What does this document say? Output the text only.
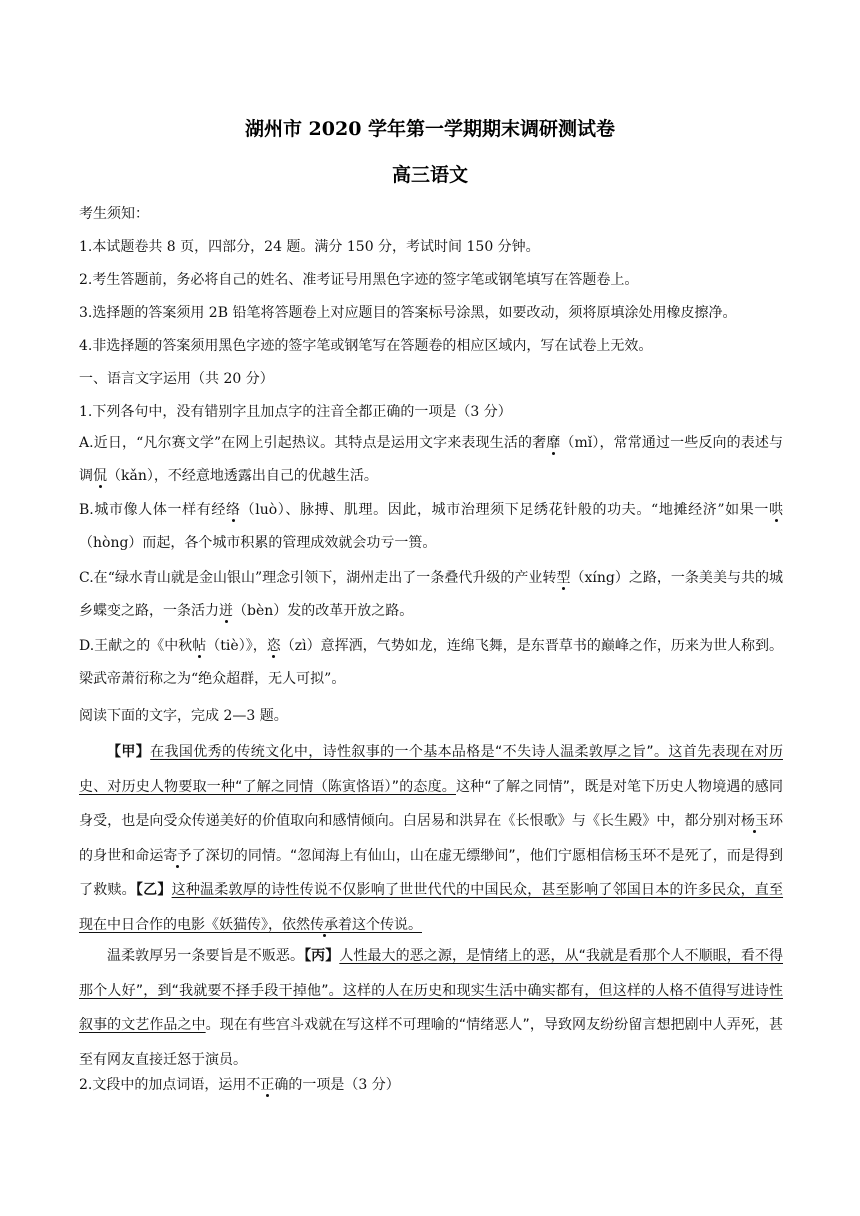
湖州市 2020 学年第一学期期末调研测试卷
高三语文
考生须知：
1.本试题卷共 8 页，四部分，24 题。满分 150 分，考试时间 150 分钟。
2.考生答题前，务必将自己的姓名、准考证号用黑色字迹的签字笔或钢笔填写在答题卷上。
3.选择题的答案须用 2B 铅笔将答题卷上对应题目的答案标号涂黑，如要改动，须将原填涂处用橡皮擦净。
4.非选择题的答案须用黑色字迹的签字笔或钢笔写在答题卷的相应区域内，写在试卷上无效。
一、语言文字运用（共 20 分）
1.下列各句中，没有错别字且加点字的注音全都正确的一项是（3 分）
A.近日，“凡尔赛文学”在网上引起热议。其特点是运用文字来表现生活的奢靡（mǐ），常常通过一些反向的表述与调侃（kǎn），不经意地透露出自己的优越生活。
B.城市像人体一样有经络（luò）、脉搏、肌理。因此，城市治理须下足绣花针般的功夫。“地摊经济”如果一哄（hòng）而起，各个城市积累的管理成效就会功亏一篑。
C.在“绿水青山就是金山银山”理念引领下，湖州走出了一条叠代升级的产业转型（xíng）之路，一条美美与共的城乡蝶变之路，一条活力迸（bèn）发的改革开放之路。
D.王献之的《中秋帖（tiè）》，恣（zì）意挥洒，气势如龙，连绵飞舞，是东晋草书的巅峰之作，历来为世人称到。梁武帝萧衍称之为“绝众超群，无人可拟”。
阅读下面的文字，完成 2—3 题。
【甲】在我国优秀的传统文化中，诗性叙事的一个基本品格是“不失诗人温柔敦厚之旨”。这首先表现在对历史、对历史人物要取一种“了解之同情（陈寅恪语）”的态度。这种“了解之同情”，既是对笔下历史人物境遇的感同身受，也是向受众传递美好的价值取向和感情倾向。白居易和洪昇在《长恨歌》与《长生殿》中，都分别对杨玉环的身世和命运寄予了深切的同情。“忽闻海上有仙山，山在虚无缥缈间”，他们宁愿相信杨玉环不是死了，而是得到了救赎。【乙】这种温柔敦厚的诗性传说不仅影响了世世代代的中国民众，甚至影响了邻国日本的许多民众，直至现在中日合作的电影《妖猫传》，依然传承着这个传说。
温柔敦厚另一条要旨是不贩恶。【丙】人性最大的恶之源，是情绪上的恶，从“我就是看那个人不顺眼，看不得那个人好”，到“我就要不择手段干掉他”。这样的人在历史和现实生活中确实都有，但这样的人格不值得写进诗性叙事的文艺作品之中。现在有些宫斗戏就在写这样不可理喻的“情绪恶人”，导致网友纷纷留言想把剧中人弄死，甚至有网友直接迁怒于演员。
2.文段中的加点词语，运用不正确的一项是（3 分）
